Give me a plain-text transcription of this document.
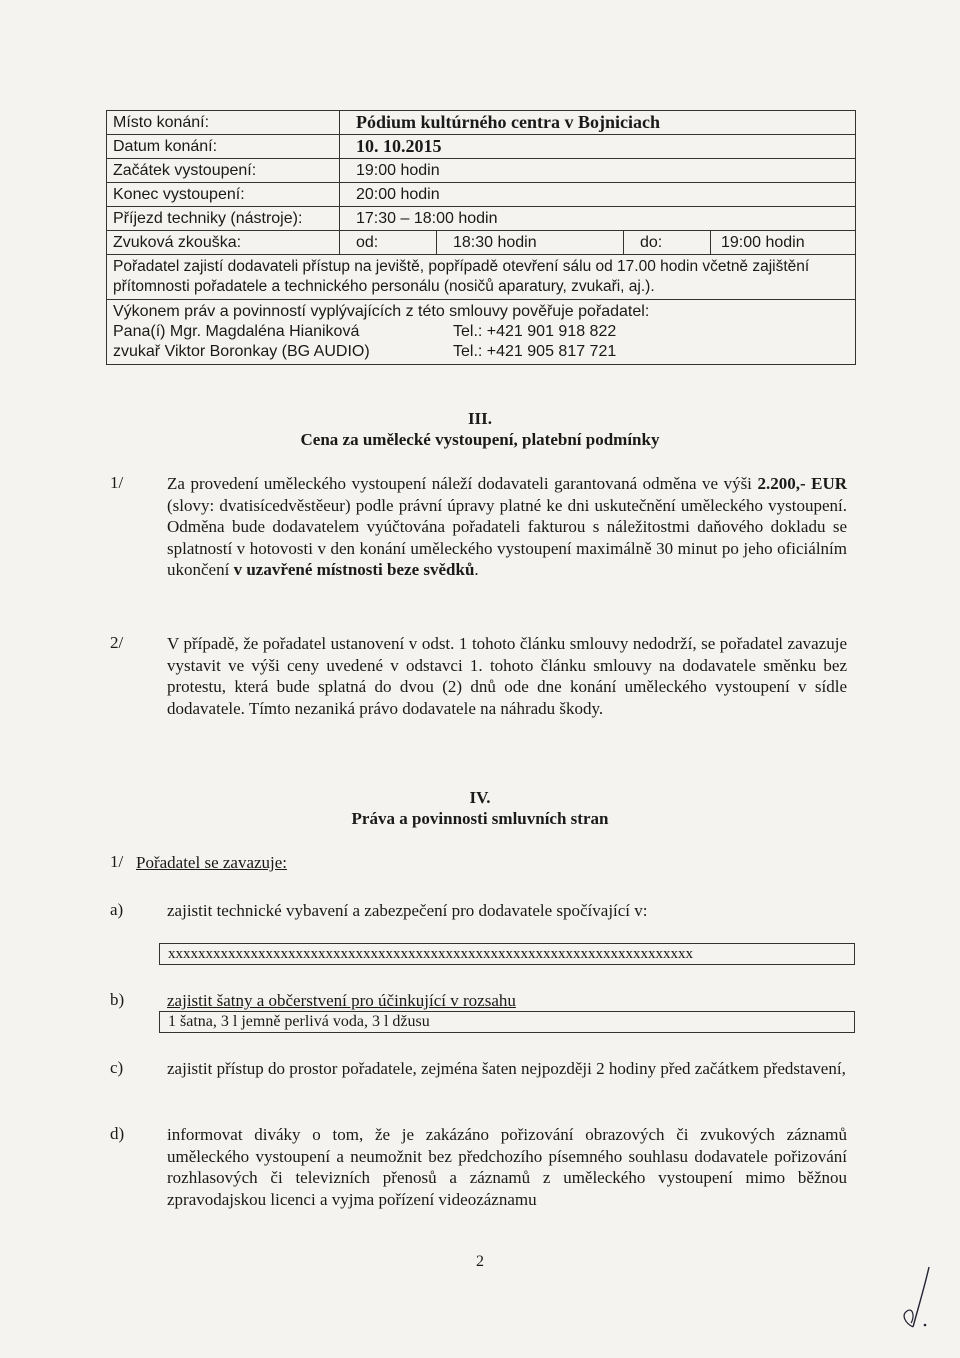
Místo konání:	Pódium kultúrného centra v Bojniciach
Datum konání:	10. 10.2015
Začátek vystoupení:	19:00 hodin
Konec vystoupení:	20:00 hodin
Příjezd techniky (nástroje):	17:30 – 18:00 hodin
Zvuková zkouška:	od:	18:30 hodin	do:	19:00 hodin
Pořadatel zajistí dodavateli přístup na jeviště, popřípadě otevření sálu od 17.00 hodin včetně zajištění přítomnosti pořadatele a technického personálu (nosičů aparatury, zvukaři, aj.).
Výkonem práv a povinností vyplývajících z této smlouvy pověřuje pořadatel:
Pana(í) Mgr. Magdaléna Hianiková	Tel.: +421 901 918 822
zvukař Viktor Boronkay (BG AUDIO)	Tel.: +421 905 817 721
III.
Cena za umělecké vystoupení, platební podmínky
1/	Za provedení uměleckého vystoupení náleží dodavateli garantovaná odměna ve výši 2.200,- EUR (slovy: dvatisícedvěstěeur) podle právní úpravy platné ke dni uskutečnění uměleckého vystoupení. Odměna bude dodavatelem vyúčtována pořadateli fakturou s náležitostmi daňového dokladu se splatností v hotovosti v den konání uměleckého vystoupení maximálně 30 minut po jeho oficiálním ukončení v uzavřené místnosti beze svědků.
2/	V případě, že pořadatel ustanovení v odst. 1 tohoto článku smlouvy nedodrží, se pořadatel zavazuje vystavit ve výši ceny uvedené v odstavci 1. tohoto článku smlouvy na dodavatele směnku bez protestu, která bude splatná do dvou (2) dnů ode dne konání uměleckého vystoupení v sídle dodavatele. Tímto nezaniká právo dodavatele na náhradu škody.
IV.
Práva a povinnosti smluvních stran
1/ Pořadatel se zavazuje:
a)	zajistit technické vybavení a zabezpečení pro dodavatele spočívající v:
xxxxxxxxxxxxxxxxxxxxxxxxxxxxxxxxxxxxxxxxxxxxxxxxxxxxxxxxxxxxxxxxxxxxxx
b)	zajistit šatny a občerstvení pro účinkující v rozsahu
1 šatna, 3 l jemně perlivá voda, 3 l džusu
c)	zajistit přístup do prostor pořadatele, zejména šaten nejpozději 2 hodiny před začátkem představení,
d)	informovat diváky o tom, že je zakázáno pořizování obrazových či zvukových záznamů uměleckého vystoupení a neumožnit bez předchozího písemného souhlasu dodavatele pořizování rozhlasových či televizních přenosů a záznamů z uměleckého vystoupení mimo běžnou zpravodajskou licenci a vyjma pořízení videozáznamu
2
